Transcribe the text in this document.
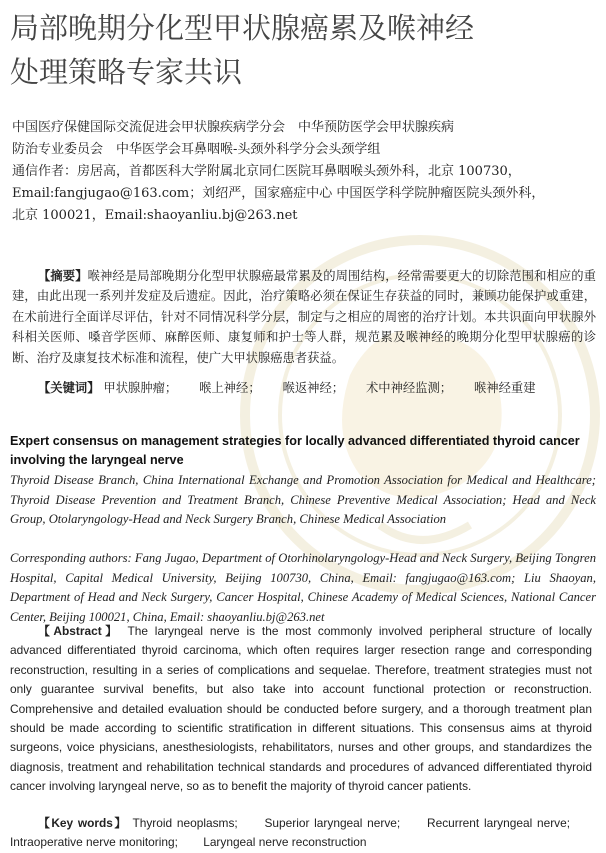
局部晚期分化型甲状腺癌累及喉神经
处理策略专家共识
中国医疗保健国际交流促进会甲状腺疾病学分会　中华预防医学会甲状腺疾病
防治专业委员会　中华医学会耳鼻咽喉-头颈外科学分会头颈学组
通信作者：房居高，首都医科大学附属北京同仁医院耳鼻咽喉头颈外科，北京 100730，
Email:fangjugao@163.com；刘绍严，国家癌症中心 中国医学科学院肿瘤医院头颈外科，
北京 100021，Email:shaoyanliu.bj@263.net
【摘要】喉神经是局部晚期分化型甲状腺癌最常累及的周围结构，经常需要更大的切除范围和相应的重建，由此出现一系列并发症及后遗症。因此，治疗策略必须在保证生存获益的同时，兼顾功能保护或重建，在术前进行全面详尽评估，针对不同情况科学分层，制定与之相应的周密的治疗计划。本共识面向甲状腺外科相关医师、嗓音学医师、麻醉医师、康复师和护士等人群，规范累及喉神经的晚期分化型甲状腺癌的诊断、治疗及康复技术标准和流程，使广大甲状腺癌患者获益。
【关键词】 甲状腺肿瘤； 喉上神经； 喉返神经； 术中神经监测； 喉神经重建
Expert consensus on management strategies for locally advanced differentiated thyroid cancer involving the laryngeal nerve
Thyroid Disease Branch, China International Exchange and Promotion Association for Medical and Healthcare; Thyroid Disease Prevention and Treatment Branch, Chinese Preventive Medical Association; Head and Neck Group, Otolaryngology-Head and Neck Surgery Branch, Chinese Medical Association
Corresponding authors: Fang Jugao, Department of Otorhinolaryngology-Head and Neck Surgery, Beijing Tongren Hospital, Capital Medical University, Beijing 100730, China, Email: fangjugao@163.com; Liu Shaoyan, Department of Head and Neck Surgery, Cancer Hospital, Chinese Academy of Medical Sciences, National Cancer Center, Beijing 100021, China, Email: shaoyanliu.bj@263.net
【Abstract】 The laryngeal nerve is the most commonly involved peripheral structure of locally advanced differentiated thyroid carcinoma, which often requires larger resection range and corresponding reconstruction, resulting in a series of complications and sequelae. Therefore, treatment strategies must not only guarantee survival benefits, but also take into account functional protection or reconstruction. Comprehensive and detailed evaluation should be conducted before surgery, and a thorough treatment plan should be made according to scientific stratification in different situations. This consensus aims at thyroid surgeons, voice physicians, anesthesiologists, rehabilitators, nurses and other groups, and standardizes the diagnosis, treatment and rehabilitation technical standards and procedures of advanced differentiated thyroid cancer involving laryngeal nerve, so as to benefit the majority of thyroid cancer patients.
【Key words】 Thyroid neoplasms; Superior laryngeal nerve; Recurrent laryngeal nerve; Intraoperative nerve monitoring; Laryngeal nerve reconstruction
